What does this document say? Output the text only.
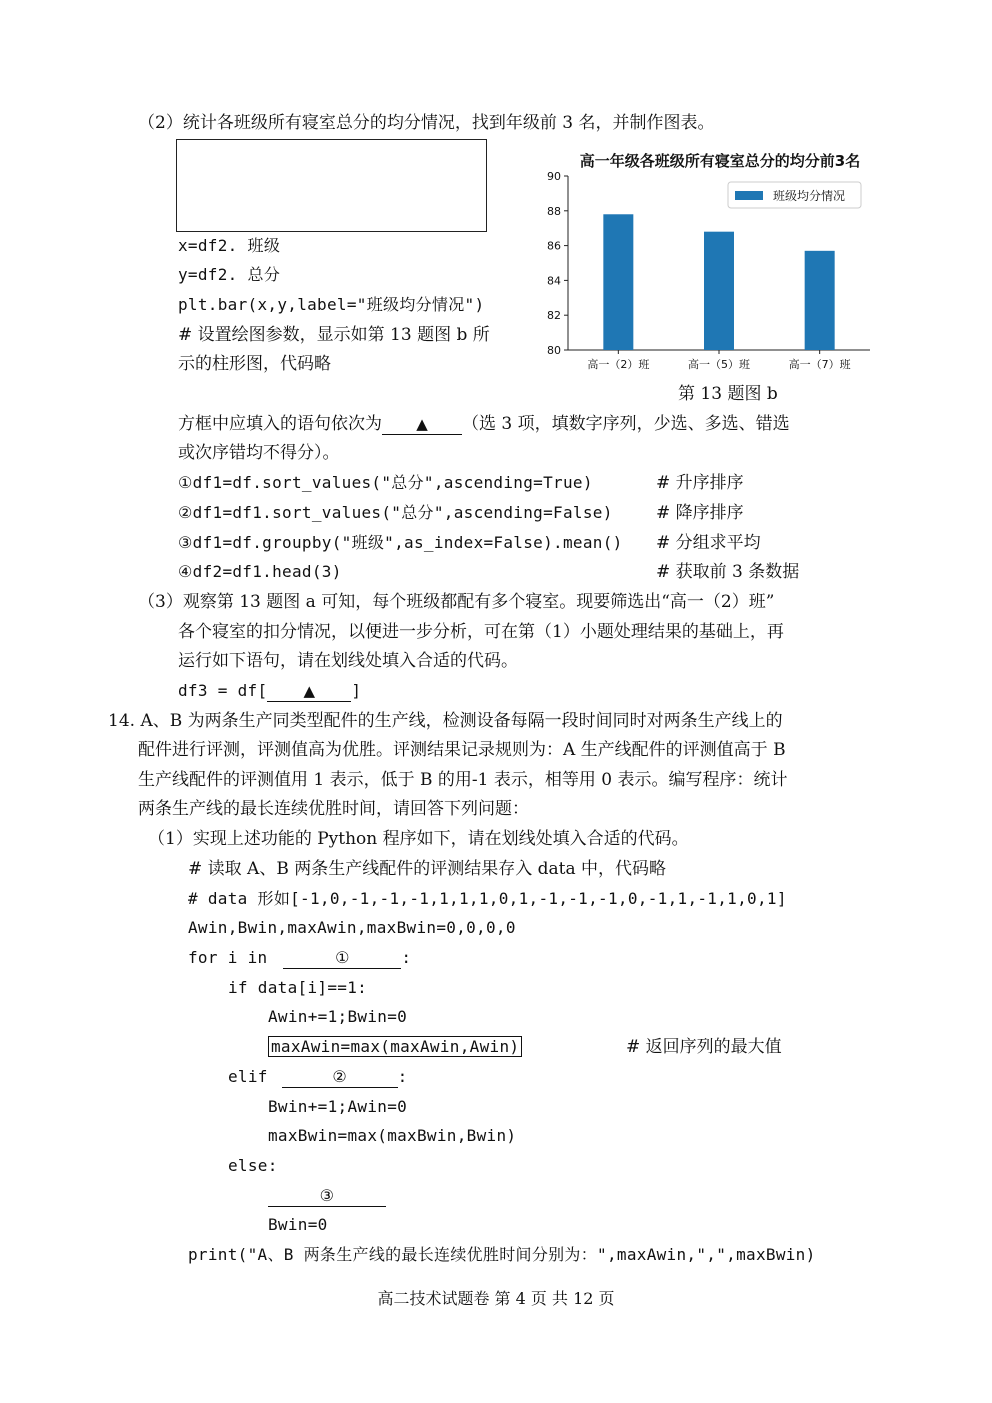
（2）统计各班级所有寝室总分的均分情况，找到年级前 3 名，并制作图表。
x=df2. 班级
y=df2. 总分
plt.bar(x,y,label="班级均分情况")
# 设置绘图参数，显示如第 13 题图 b 所
示的柱形图，代码略
高一年级各班级所有寝室总分的均分前3名
80
82
84
86
88
90
高一（2）班	高一（5）班	高一（7）班
班级均分情况
第 13 题图 b
方框中应填入的语句依次为 ▲ （选 3 项，填数字序列，少选、多选、错选
或次序错均不得分）。
①df1=df.sort_values("总分",ascending=True)	# 升序排序
②df1=df1.sort_values("总分",ascending=False)	# 降序排序
③df1=df.groupby("班级",as_index=False).mean() # 分组求平均
④df2=df1.head(3)	# 获取前 3 条数据
（3）观察第 13 题图 a 可知，每个班级都配有多个寝室。现要筛选出“高一（2）班”
各个寝室的扣分情况，以便进一步分析，可在第（1）小题处理结果的基础上，再
运行如下语句，请在划线处填入合适的代码。
df3 = df[ ▲ ]
14. A、B 为两条生产同类型配件的生产线，检测设备每隔一段时间同时对两条生产线上的
配件进行评测，评测值高为优胜。评测结果记录规则为：A 生产线配件的评测值高于 B
生产线配件的评测值用 1 表示，低于 B 的用-1 表示，相等用 0 表示。编写程序：统计
两条生产线的最长连续优胜时间，请回答下列问题：
（1）实现上述功能的 Python 程序如下，请在划线处填入合适的代码。
# 读取 A、B 两条生产线配件的评测结果存入 data 中，代码略
# data 形如[-1,0,-1,-1,-1,1,1,1,0,1,-1,-1,-1,0,-1,1,-1,1,0,1]
Awin,Bwin,maxAwin,maxBwin=0,0,0,0
for i in	①	:
if data[i]==1:
Awin+=1;Bwin=0
maxAwin=max(maxAwin,Awin)	# 返回序列的最大值
elif	②	:
Bwin+=1;Awin=0
maxBwin=max(maxBwin,Bwin)
else:
③
Bwin=0
print("A、B 两条生产线的最长连续优胜时间分别为：",maxAwin,",",maxBwin)
高二技术试题卷 第 4 页 共 12 页
